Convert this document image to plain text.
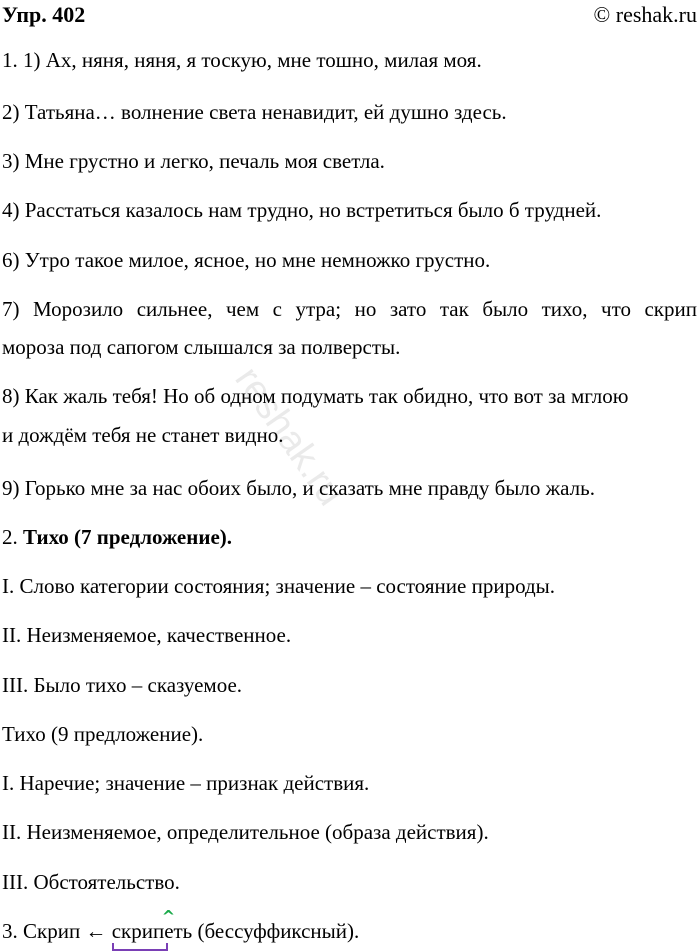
Упр. 402	© reshak.ru
reshak.ru
1. 1) Ах, няня, няня, я тоскую, мне тошно, милая моя.
2) Татьяна… волнение света ненавидит, ей душно здесь.
3) Мне грустно и легко, печаль моя светла.
4) Расстаться казалось нам трудно, но встретиться было б трудней.
6) Утро такое милое, ясное, но мне немножко грустно.
7) Морозило сильнее, чем с утра; но зато так было тихо, что скрип
мороза под сапогом слышался за полверсты.
8) Как жаль тебя! Но об одном подумать так обидно, что вот за мглою
и дождём тебя не станет видно.
9) Горько мне за нас обоих было, и сказать мне правду было жаль.
2. Тихо (7 предложение).
I. Слово категории состояния; значение – состояние природы.
II. Неизменяемое, качественное.
III. Было тихо – сказуемое.
Тихо (9 предложение).
I. Наречие; значение – признак действия.
II. Неизменяемое, определительное (образа действия).
III. Обстоятельство.
3. Скрип ← скрипеть
^
(бессуффиксный).
